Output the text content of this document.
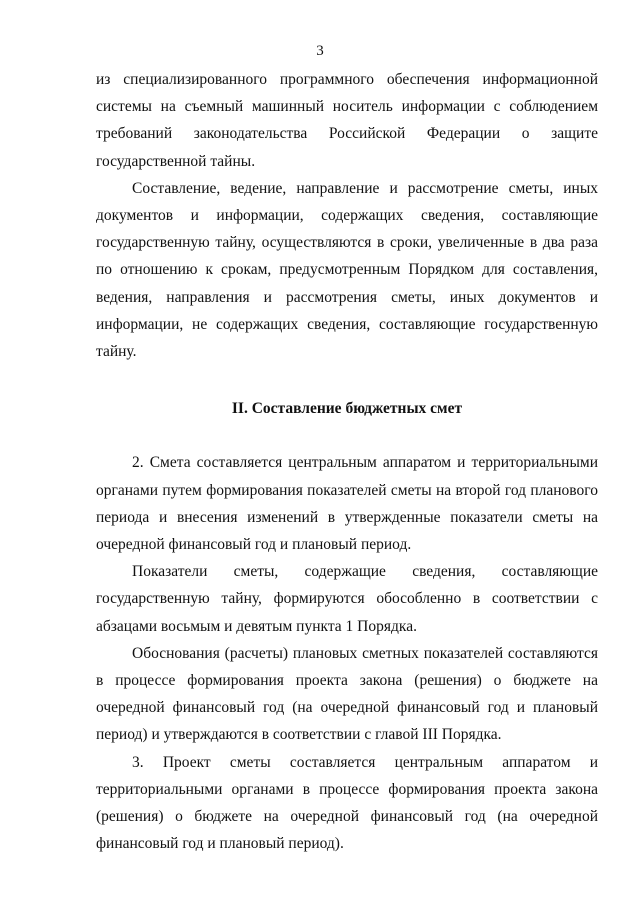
3

из специализированного программного обеспечения информационной системы на съемный машинный носитель информации с соблюдением требований законодательства Российской Федерации о защите государственной тайны.

Составление, ведение, направление и рассмотрение сметы, иных документов и информации, содержащих сведения, составляющие государственную тайну, осуществляются в сроки, увеличенные в два раза по отношению к срокам, предусмотренным Порядком для составления, ведения, направления и рассмотрения сметы, иных документов и информации, не содержащих сведения, составляющие государственную тайну.

II. Составление бюджетных смет

2. Смета составляется центральным аппаратом и территориальными органами путем формирования показателей сметы на второй год планового периода и внесения изменений в утвержденные показатели сметы на очередной финансовый год и плановый период.

Показатели сметы, содержащие сведения, составляющие государственную тайну, формируются обособленно в соответствии с абзацами восьмым и девятым пункта 1 Порядка.

Обоснования (расчеты) плановых сметных показателей составляются в процессе формирования проекта закона (решения) о бюджете на очередной финансовый год (на очередной финансовый год и плановый период) и утверждаются в соответствии с главой III Порядка.

3. Проект сметы составляется центральным аппаратом и территориальными органами в процессе формирования проекта закона (решения) о бюджете на очередной финансовый год (на очередной финансовый год и плановый период).
